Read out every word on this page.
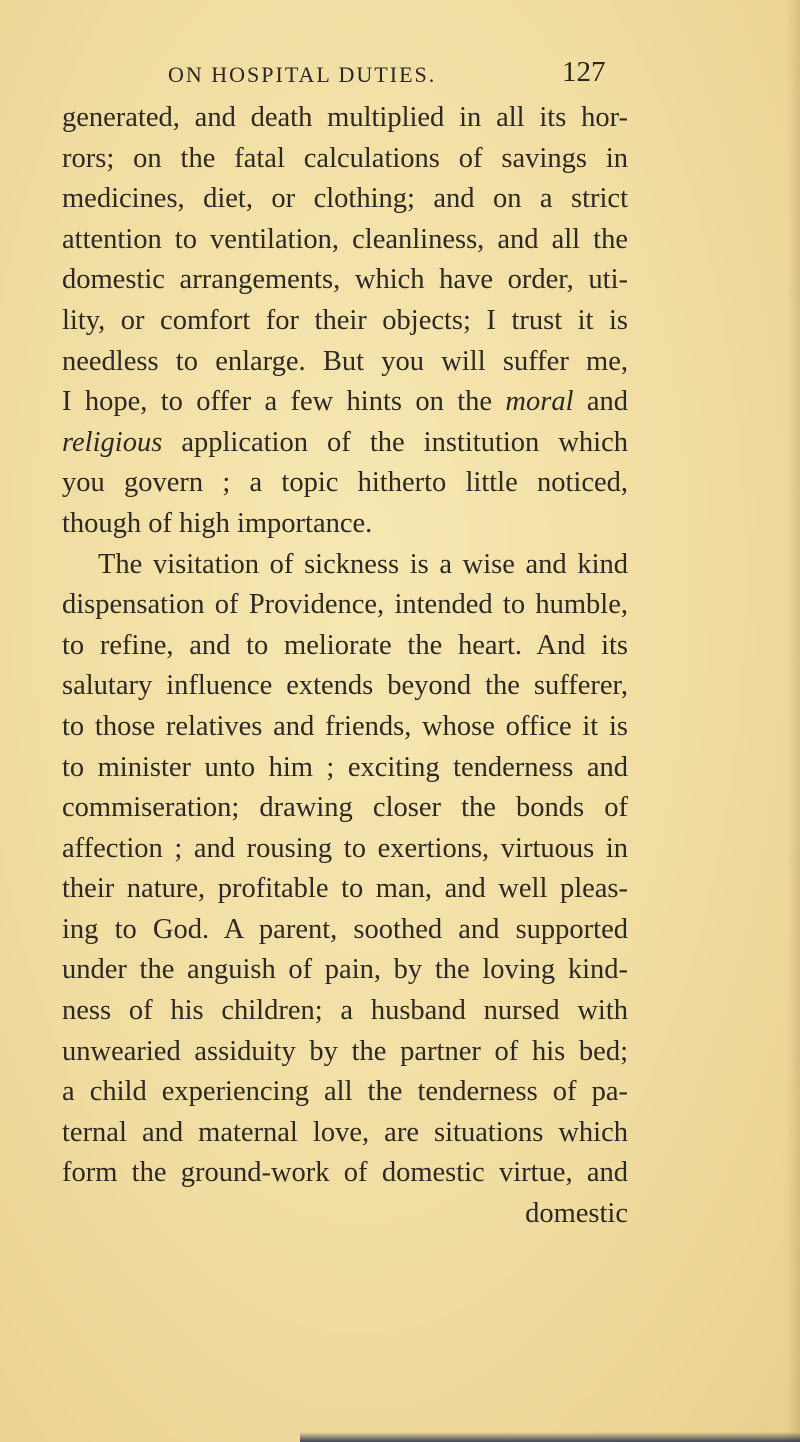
ON HOSPITAL DUTIES.	127
generated, and death multiplied in all its hor-
rors; on the fatal calculations of savings in
medicines, diet, or clothing; and on a strict
attention to ventilation, cleanliness, and all the
domestic arrangements, which have order, uti-
lity, or comfort for their objects; I trust it is
needless to enlarge. But you will suffer me,
I hope, to offer a few hints on the moral and
religious application of the institution which
you govern ; a topic hitherto little noticed,
though of high importance.
The visitation of sickness is a wise and kind
dispensation of Providence, intended to humble,
to refine, and to meliorate the heart. And its
salutary influence extends beyond the sufferer,
to those relatives and friends, whose office it is
to minister unto him ; exciting tenderness and
commiseration; drawing closer the bonds of
affection ; and rousing to exertions, virtuous in
their nature, profitable to man, and well pleas-
ing to God. A parent, soothed and supported
under the anguish of pain, by the loving kind-
ness of his children; a husband nursed with
unwearied assiduity by the partner of his bed;
a child experiencing all the tenderness of pa-
ternal and maternal love, are situations which
form the ground-work of domestic virtue, and
domestic
